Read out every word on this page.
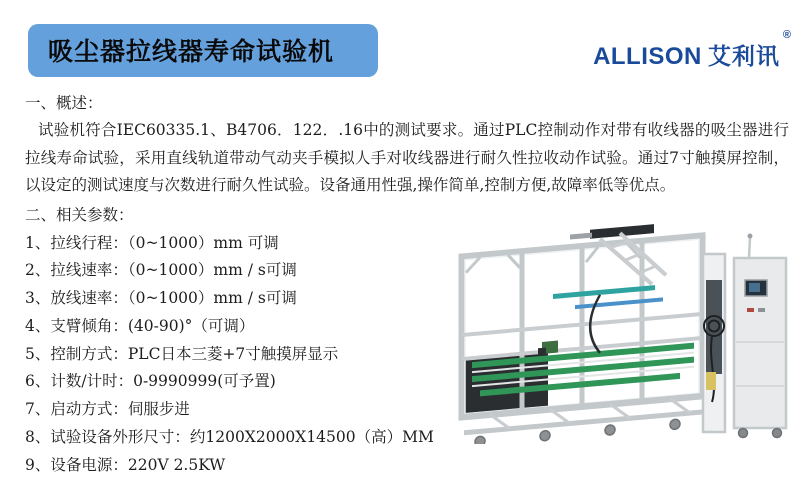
吸尘器拉线器寿命试验机	ALLISON 艾利讯®
一、概述：
试验机符合IEC60335.1、B4706．122．.16中的测试要求。通过PLC控制动作对带有收线器的吸尘器进行拉线寿命试验，采用直线轨道带动气动夹手模拟人手对收线器进行耐久性拉收动作试验。通过7寸触摸屏控制，以设定的测试速度与次数进行耐久性试验。设备通用性强,操作简单,控制方便,故障率低等优点。
二、相关参数：
1、拉线行程：（0~1000）mm 可调
2、拉线速率：（0~1000）mm / s可调
3、放线速率：（0~1000）mm / s可调
4、支臂倾角：(40-90)°（可调）
5、控制方式：PLC日本三菱+7寸触摸屏显示
6、计数/计时：0-9990999(可予置)
7、启动方式：伺服步进
8、试验设备外形尺寸：约1200X2000X14500（高）MM
9、设备电源：220V 2.5KW
